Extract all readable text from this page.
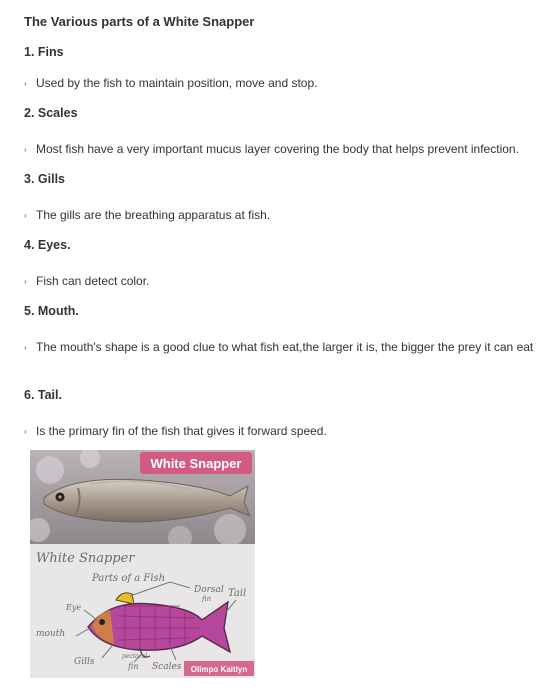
The Various parts of a White Snapper
1. Fins
› Used by the fish to maintain position, move and stop.
2. Scales
› Most fish have a very important mucus layer covering the body that helps prevent infection.
3. Gills
› The gills are the breathing apparatus at fish.
4. Eyes.
› Fish can detect color.
5. Mouth.
› The mouth's shape is a good clue to what fish eat,the larger it is, the bigger the prey it can eat
6. Tail.
› Is the primary fin of the fish that gives it forward speed.
White Snapper
White Snapper
Parts of a Fish
Dorsal
fin Tail
Eye
mouth
Gills
pectoral
fin Scales Olimpo Kaitlyn
